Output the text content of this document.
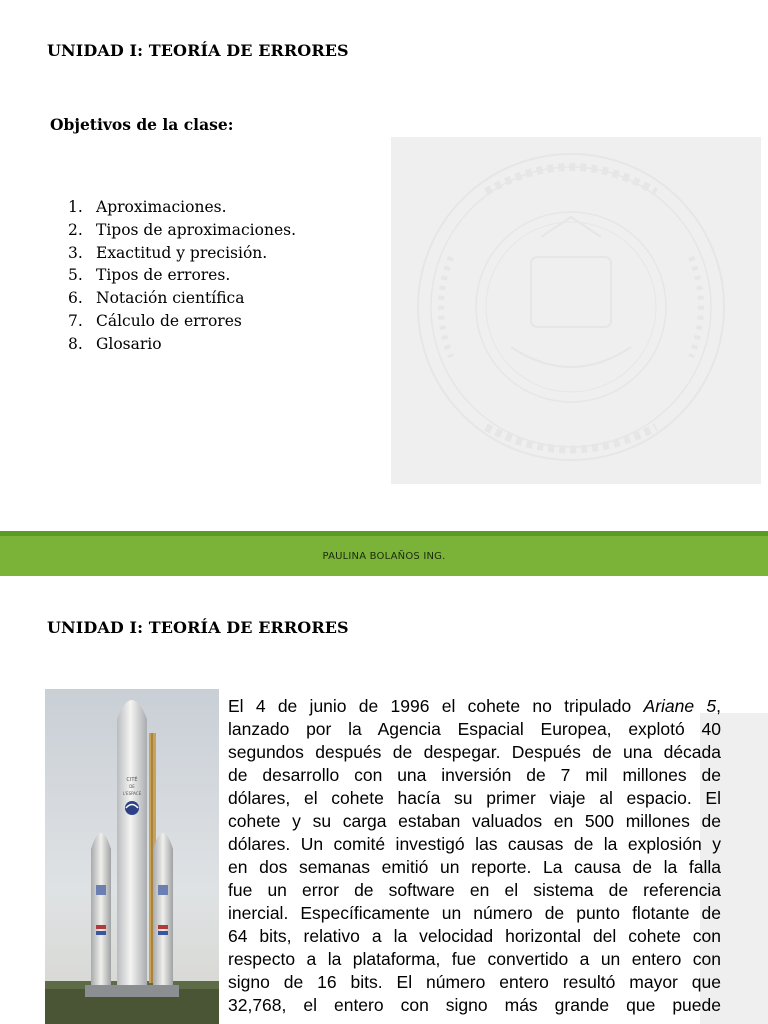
UNIDAD I: TEORÍA DE ERRORES
Objetivos de la clase:
1. Aproximaciones.
2. Tipos de aproximaciones.
3. Exactitud y precisión.
5. Tipos de errores.
6. Notación científica
7. Cálculo de errores
8. Glosario
PAULINA BOLAÑOS ING.
UNIDAD I: TEORÍA DE ERRORES
CITÉ
DE
L'ESPACE
El 4 de junio de 1996 el cohete no tripulado Ariane 5,
lanzado por la Agencia Espacial Europea, explotó 40
segundos después de despegar. Después de una década
de desarrollo con una inversión de 7 mil millones de
dólares, el cohete hacía su primer viaje al espacio. El
cohete y su carga estaban valuados en 500 millones de
dólares. Un comité investigó las causas de la explosión y
en dos semanas emitió un reporte. La causa de la falla
fue un error de software en el sistema de referencia
inercial. Específicamente un número de punto flotante de
64 bits, relativo a la velocidad horizontal del cohete con
respecto a la plataforma, fue convertido a un entero con
signo de 16 bits. El número entero resultó mayor que
32,768, el entero con signo más grande que puede
